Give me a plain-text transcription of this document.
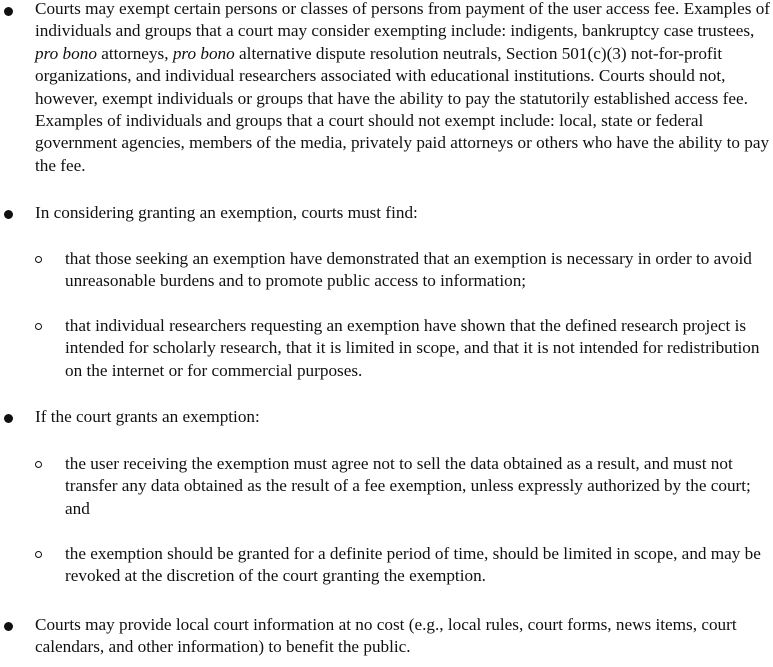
Courts may exempt certain persons or classes of persons from payment of the user access fee. Examples of individuals and groups that a court may consider exempting include: indigents, bankruptcy case trustees, pro bono attorneys, pro bono alternative dispute resolution neutrals, Section 501(c)(3) not-for-profit organizations, and individual researchers associated with educational institutions. Courts should not, however, exempt individuals or groups that have the ability to pay the statutorily established access fee. Examples of individuals and groups that a court should not exempt include: local, state or federal government agencies, members of the media, privately paid attorneys or others who have the ability to pay the fee.

In considering granting an exemption, courts must find:

that those seeking an exemption have demonstrated that an exemption is necessary in order to avoid unreasonable burdens and to promote public access to information;

that individual researchers requesting an exemption have shown that the defined research project is intended for scholarly research, that it is limited in scope, and that it is not intended for redistribution on the internet or for commercial purposes.

If the court grants an exemption:

the user receiving the exemption must agree not to sell the data obtained as a result, and must not transfer any data obtained as the result of a fee exemption, unless expressly authorized by the court; and

the exemption should be granted for a definite period of time, should be limited in scope, and may be revoked at the discretion of the court granting the exemption.

Courts may provide local court information at no cost (e.g., local rules, court forms, news items, court calendars, and other information) to benefit the public.
